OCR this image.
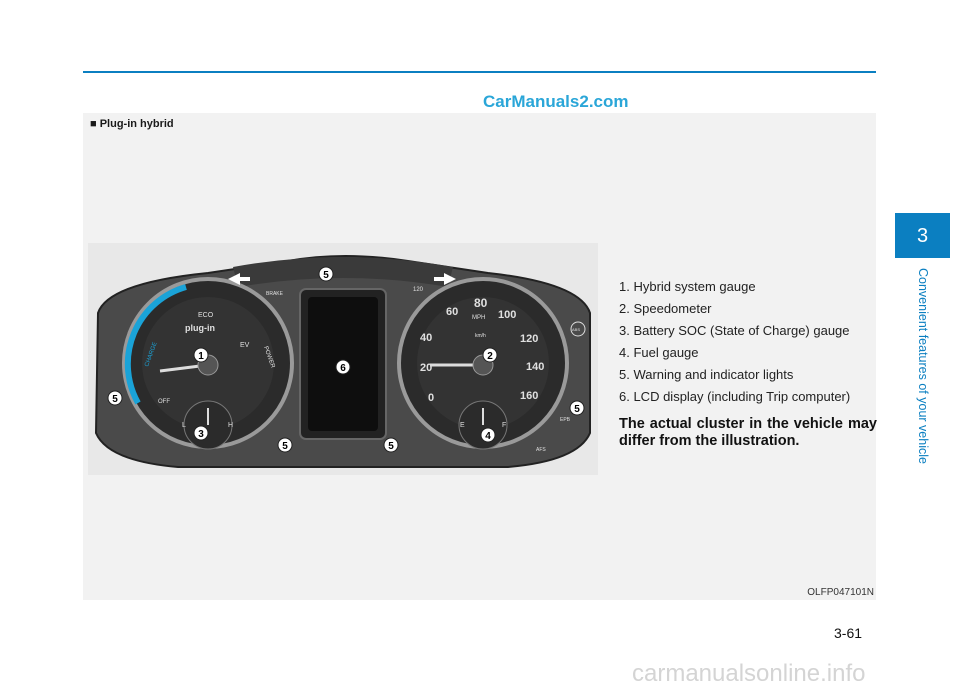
CarManuals2.com
■ Plug-in hybrid
ECO
plug-in
EV
CHARGE	POWER
OFF
L	H
BRAKE
120
80
60	100
40	120
20	140
0	160
MPH
km/h
E	F
EPB
AFS
ABS
1	2
3	4
5
5
5	5
5
6
1. Hybrid system gauge
2. Speedometer
3. Battery SOC (State of Charge) gauge
4. Fuel gauge
5. Warning and indicator lights
6. LCD display (including Trip computer)
The actual cluster in the vehicle may differ from the illustration.
OLFP047101N
3
Convenient features of your vehicle
3-61
carmanualsonline.info
